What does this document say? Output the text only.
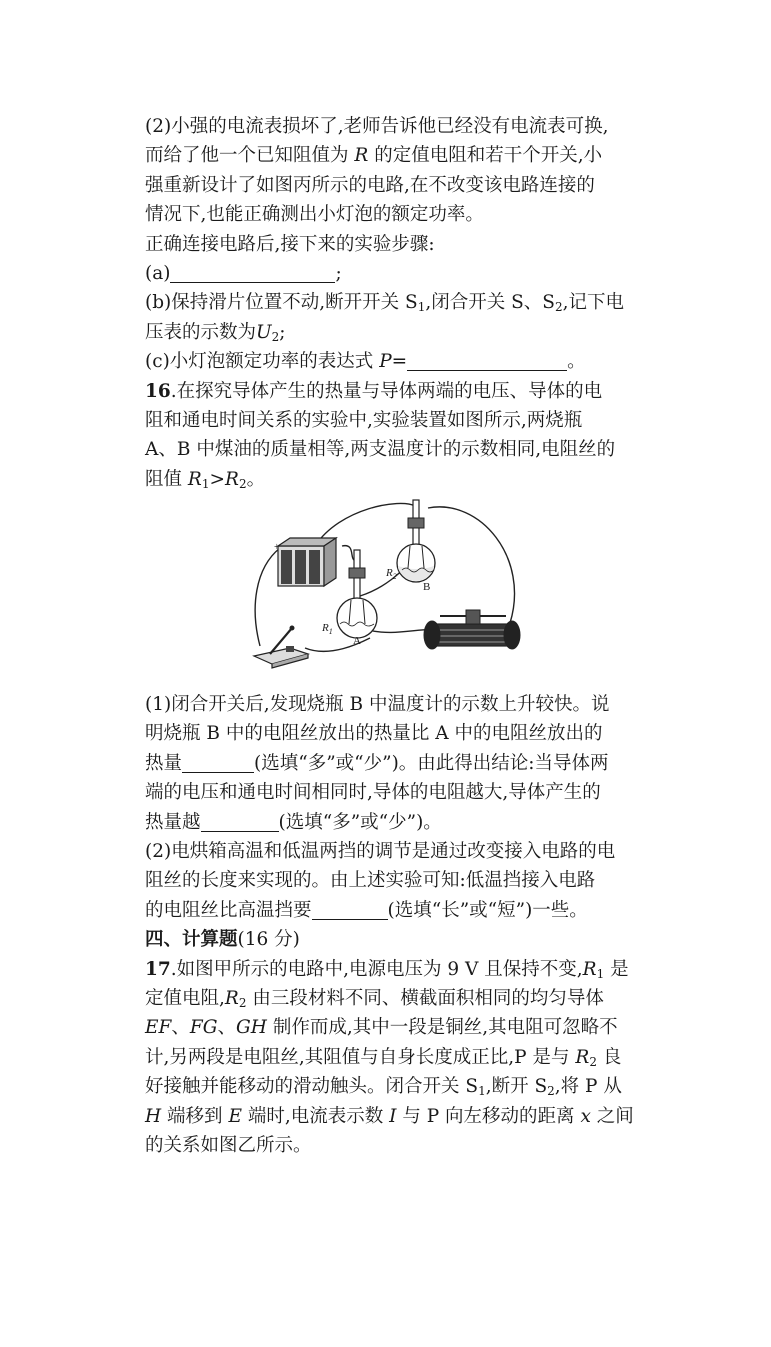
(2)小强的电流表损坏了,老师告诉他已经没有电流表可换,
而给了他一个已知阻值为 R 的定值电阻和若干个开关,小
强重新设计了如图丙所示的电路,在不改变该电路连接的
情况下,也能正确测出小灯泡的额定功率。
正确连接电路后,接下来的实验步骤:
(a)	;
(b)保持滑片位置不动,断开开关 $S_1$,闭合开关 S、$S_2$,记下电
压表的示数为$U_2$;
(c)小灯泡额定功率的表达式 P=	。
16.在探究导体产生的热量与导体两端的电压、导体的电
阻和通电时间关系的实验中,实验装置如图所示,两烧瓶
A、B 中煤油的质量相等,两支温度计的示数相同,电阻丝的
阻值 $R_1>R_2$。
+
$R_2$
B
$R_1$
A
(1)闭合开关后,发现烧瓶 B 中温度计的示数上升较快。说
明烧瓶 B 中的电阻丝放出的热量比 A 中的电阻丝放出的
热量	(选填“多”或“少”)。由此得出结论:当导体两
端的电压和通电时间相同时,导体的电阻越大,导体产生的
热量越	(选填“多”或“少”)。
(2)电烘箱高温和低温两挡的调节是通过改变接入电路的电
阻丝的长度来实现的。由上述实验可知:低温挡接入电路
的电阻丝比高温挡要	(选填“长”或“短”)一些。
四、计算题(16 分)
17.如图甲所示的电路中,电源电压为 9 V 且保持不变$,R_1$ 是
定值电阻$,R_2$ 由三段材料不同、横截面积相同的均匀导体
EF、FG、GH 制作而成,其中一段是铜丝,其电阻可忽略不
计,另两段是电阻丝,其阻值与自身长度成正比,P 是与 $R_2$ 良
好接触并能移动的滑动触头。闭合开关 $S_1$,断开 $S_2$,将 P 从
H 端移到 E 端时,电流表示数 I 与 P 向左移动的距离 x 之间
的关系如图乙所示。
